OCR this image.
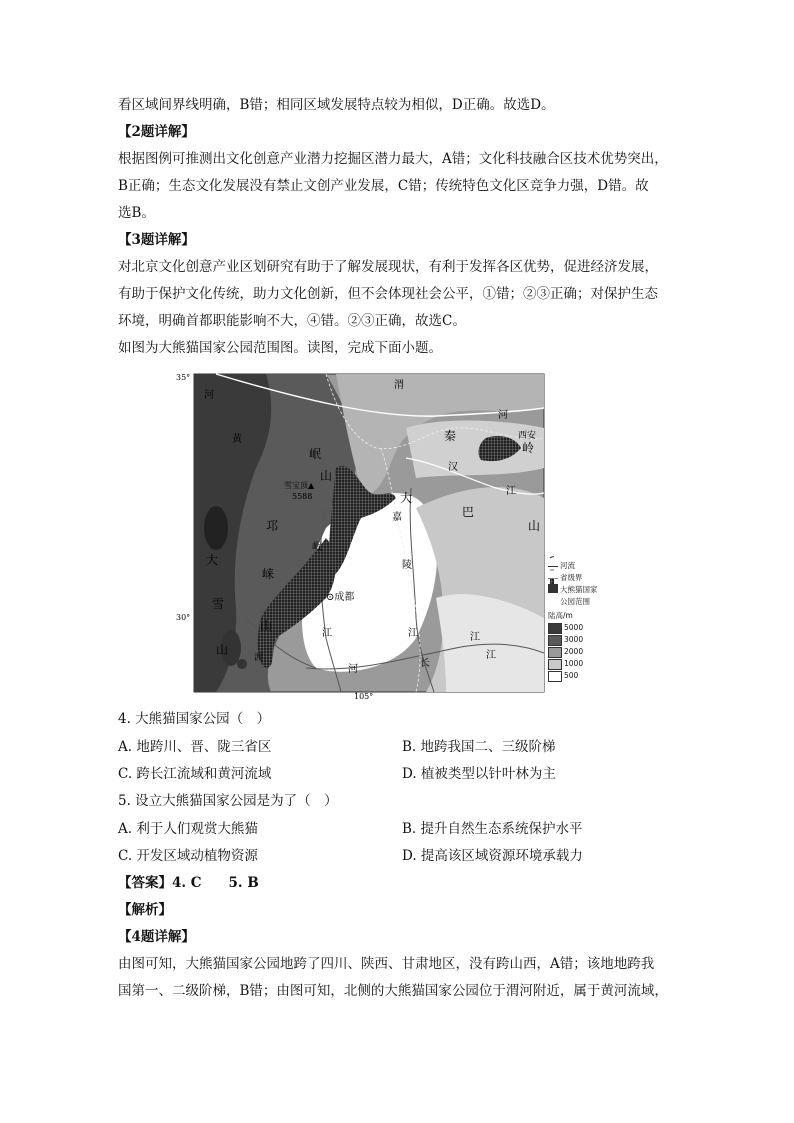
看区域间界线明确，B错；相同区域发展特点较为相似，D正确。故选D。

【2题详解】

根据图例可推测出文化创意产业潜力挖掘区潜力最大，A错；文化科技融合区技术优势突出，

B正确；生态文化发展没有禁止文创产业发展，C错；传统特色文化区竞争力强，D错。故

选B。

【3题详解】

对北京文化创意产业区划研究有助于了解发展现状，有利于发挥各区优势，促进经济发展，

有助于保护文化传统，助力文化创新，但不会体现社会公平，①错；②③正确；对保护生态

环境，明确首都职能影响不大，④错。②③正确，故选C。

如图为大熊猫国家公园范围图。读图，完成下面小题。

35°
30°
105°
河
黄
渭
河
秦	西安
岭
岷
山
雪宝顶▲
5588	大
汉
巴
江
山
邛
嘉
大
崃
陵
岷
⊙成都
雪
山
山
江	江	江
渡
河
长
江
河流
省级界
大熊猫国家
公园范围
陆高/m
5000
3000
2000
1000
500

4. 大熊猫国家公园（　）

A. 地跨川、晋、陇三省区	B. 地跨我国二、三级阶梯
C. 跨长江流域和黄河流域	D. 植被类型以针叶林为主

5. 设立大熊猫国家公园是为了（　）

A. 利于人们观赏大熊猫	B. 提升自然生态系统保护水平
C. 开发区域动植物资源	D. 提高该区域资源环境承载力

【答案】4. C　　5. B

【解析】

【4题详解】

由图可知，大熊猫国家公园地跨了四川、陕西、甘肃地区，没有跨山西，A错；该地地跨我

国第一、二级阶梯，B错；由图可知，北侧的大熊猫国家公园位于渭河附近，属于黄河流域，
